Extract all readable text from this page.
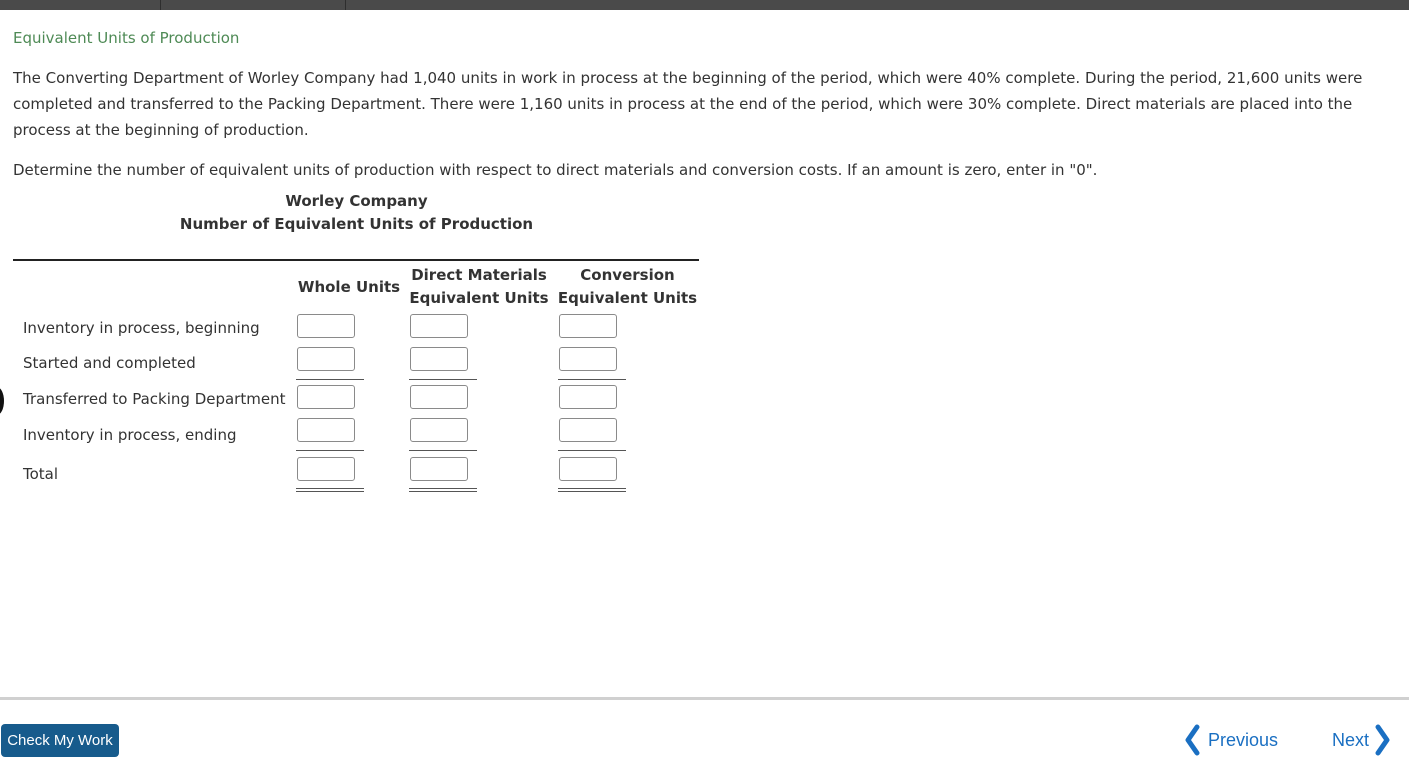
Equivalent Units of Production

The Converting Department of Worley Company had 1,040 units in work in process at the beginning of the period, which were 40% complete. During the period, 21,600 units were completed and transferred to the Packing Department. There were 1,160 units in process at the end of the period, which were 30% complete. Direct materials are placed into the process at the beginning of production.

Determine the number of equivalent units of production with respect to direct materials and conversion costs. If an amount is zero, enter in "0".

Worley Company
Number of Equivalent Units of Production
Whole Units
Direct Materials
Equivalent Units
Conversion
Equivalent Units
Inventory in process, beginning
Started and completed
Transferred to Packing Department
Inventory in process, ending
Total
Check My Work	Previous	Next
